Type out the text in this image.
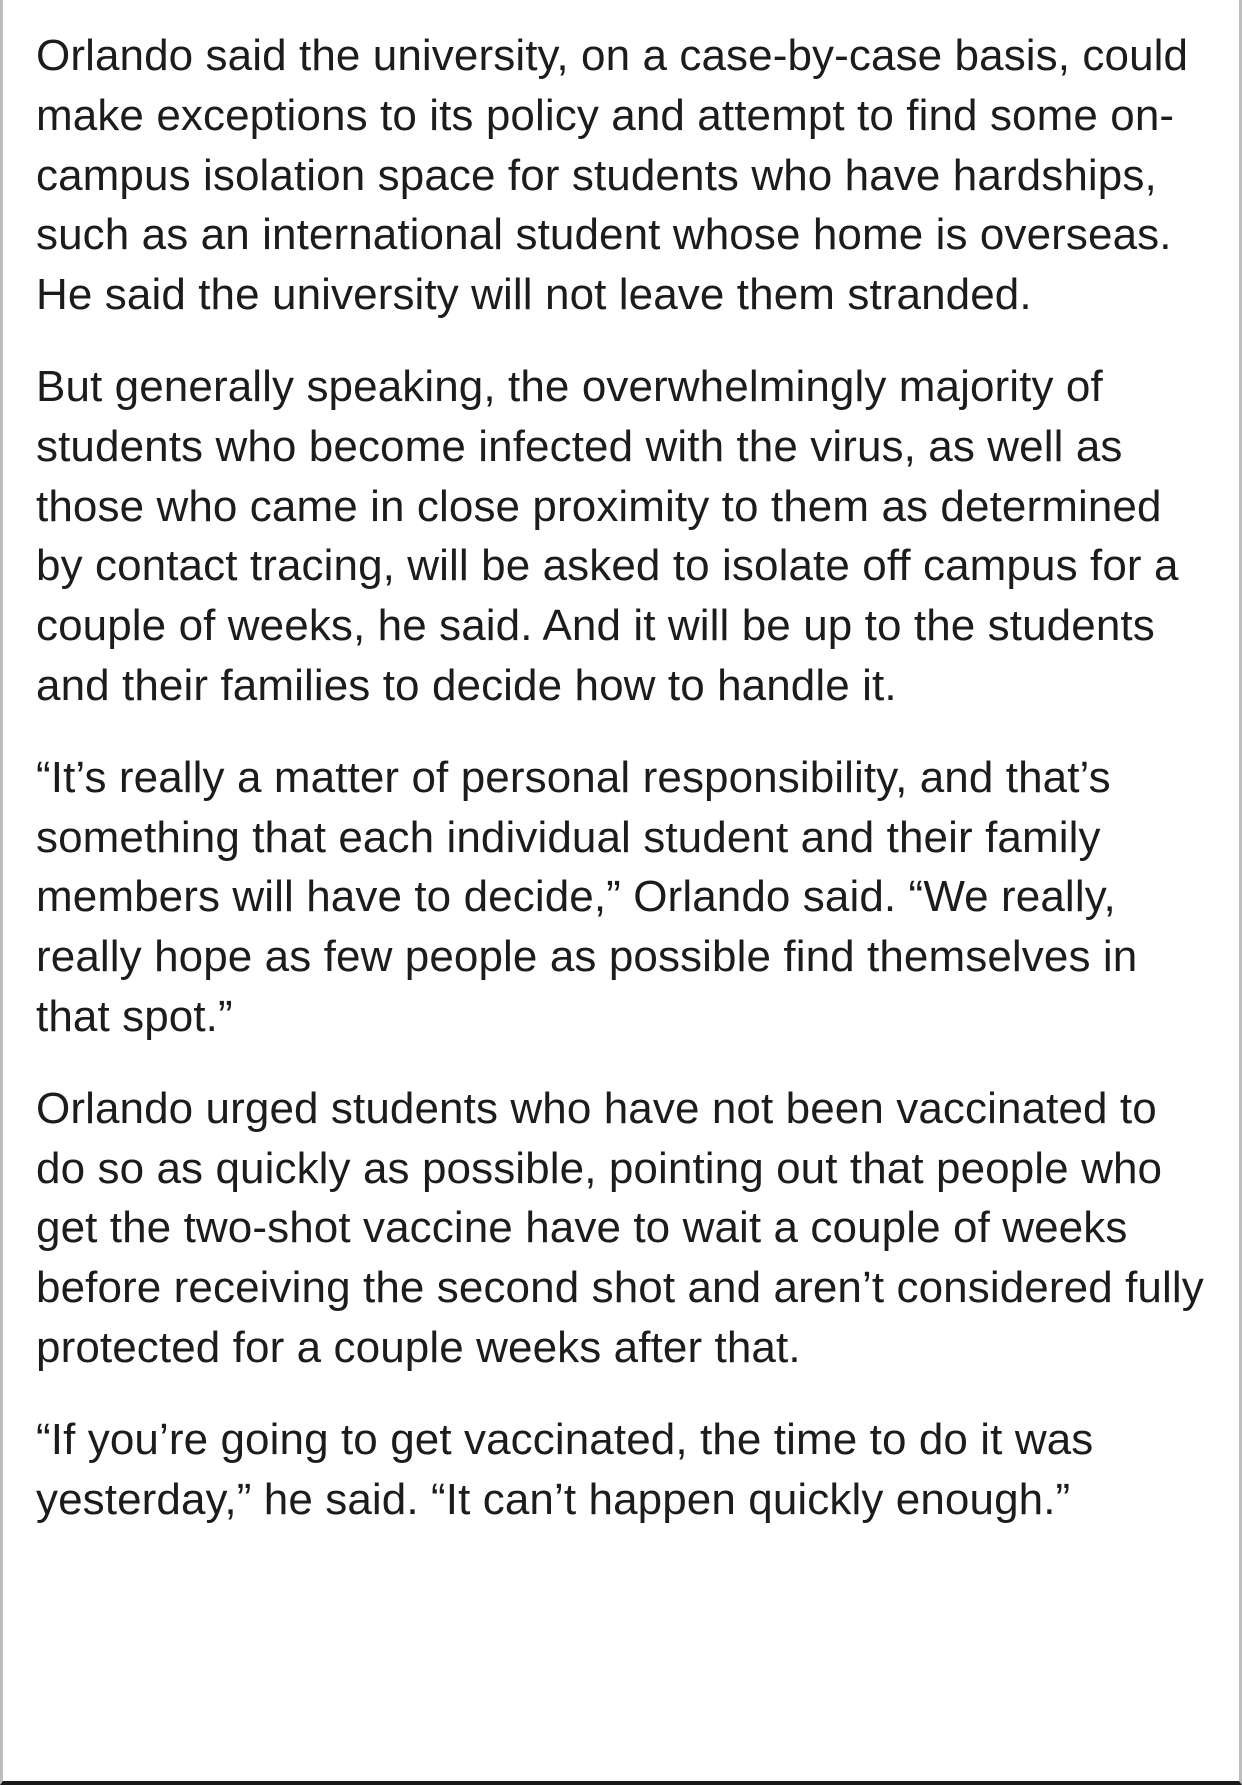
Orlando said the university, on a case-by-case basis, could make exceptions to its policy and attempt to find some on-campus isolation space for students who have hardships, such as an international student whose home is overseas. He said the university will not leave them stranded.

But generally speaking, the overwhelmingly majority of students who become infected with the virus, as well as those who came in close proximity to them as determined by contact tracing, will be asked to isolate off campus for a couple of weeks, he said. And it will be up to the students and their families to decide how to handle it.

“It’s really a matter of personal responsibility, and that’s something that each individual student and their family members will have to decide,” Orlando said. “We really, really hope as few people as possible find themselves in that spot.”

Orlando urged students who have not been vaccinated to do so as quickly as possible, pointing out that people who get the two-shot vaccine have to wait a couple of weeks before receiving the second shot and aren’t considered fully protected for a couple weeks after that.

“If you’re going to get vaccinated, the time to do it was yesterday,” he said. “It can’t happen quickly enough.”
